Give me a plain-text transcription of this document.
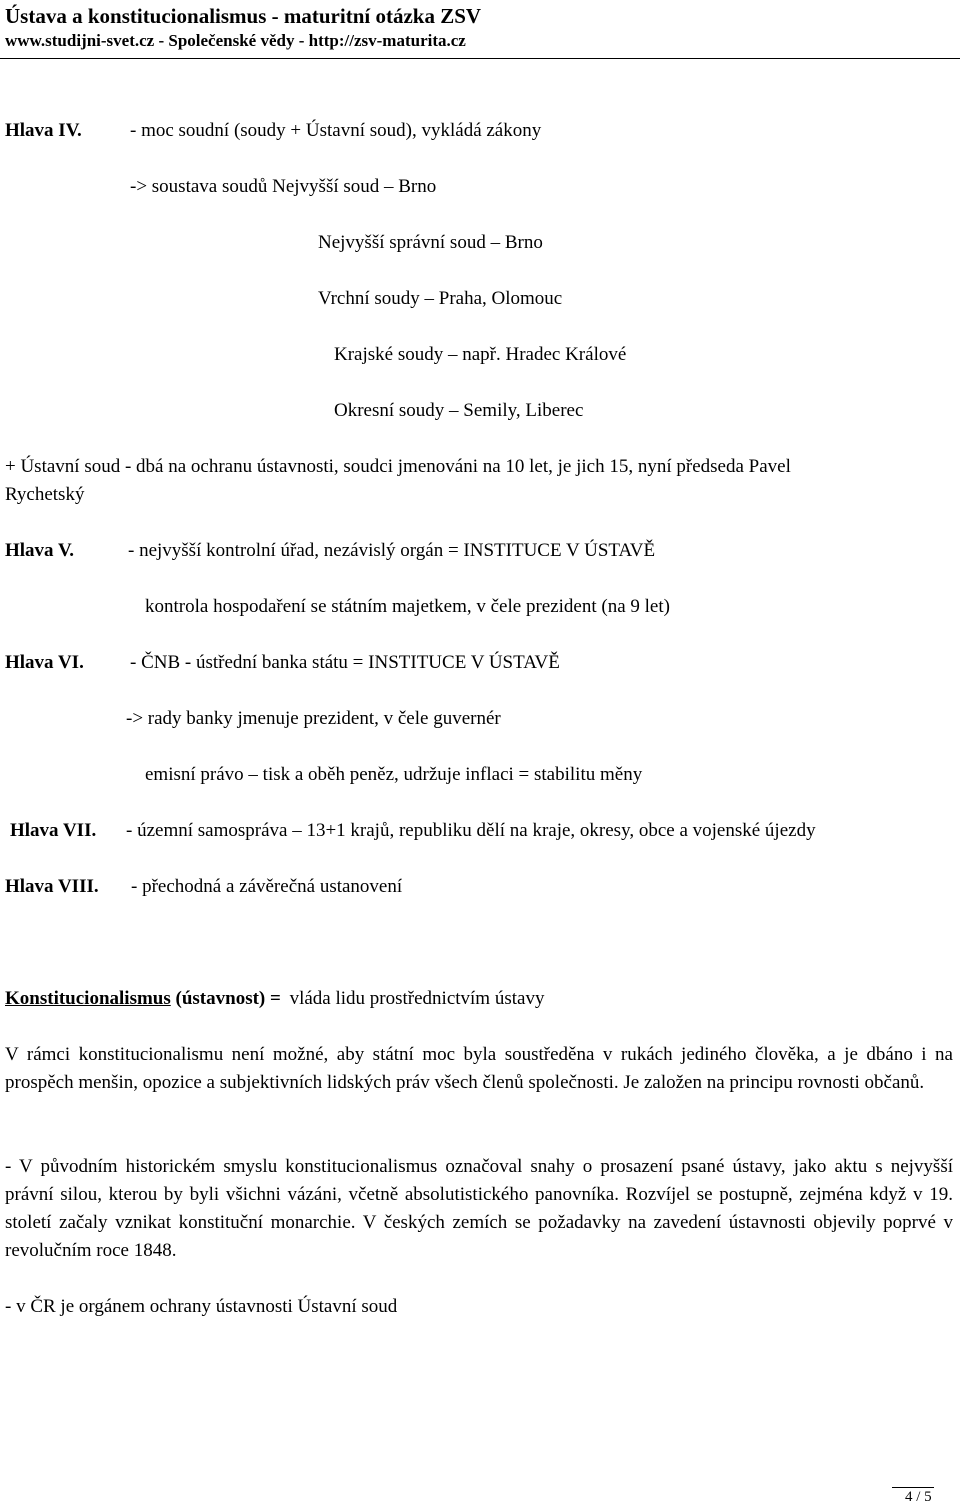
Ústava a konstitucionalismus - maturitní otázka ZSV
www.studijni-svet.cz - Společenské vědy - http://zsv-maturita.cz
Hlava IV.	- moc soudní (soudy + Ústavní soud), vykládá zákony
-> soustava soudů Nejvyšší soud – Brno
Nejvyšší správní soud – Brno
Vrchní soudy – Praha, Olomouc
Krajské soudy – např. Hradec Králové
Okresní soudy – Semily, Liberec
+ Ústavní soud - dbá na ochranu ústavnosti, soudci jmenováni na 10 let, je jich 15, nyní předseda Pavel
Rychetský
Hlava V.	- nejvyšší kontrolní úřad, nezávislý orgán = INSTITUCE V ÚSTAVĚ
kontrola hospodaření se státním majetkem, v čele prezident (na 9 let)
Hlava VI. - ČNB - ústřední banka státu = INSTITUCE V ÚSTAVĚ
-> rady banky jmenuje prezident, v čele guvernér
emisní právo – tisk a oběh peněz, udržuje inflaci = stabilitu měny
Hlava VII. - územní samospráva – 13+1 krajů, republiku dělí na kraje, okresy, obce a vojenské újezdy
Hlava VIII. - přechodná a závěrečná ustanovení
Konstitucionalismus (ústavnost) = vláda lidu prostřednictvím ústavy
V rámci konstitucionalismu není možné, aby státní moc byla soustředěna v rukách jediného člověka, a je dbáno i na prospěch menšin, opozice a subjektivních lidských práv všech členů společnosti. Je založen na principu rovnosti občanů.
- V původním historickém smyslu konstitucionalismus označoval snahy o prosazení psané ústavy, jako aktu s nejvyšší právní silou, kterou by byli všichni vázáni, včetně absolutistického panovníka. Rozvíjel se postupně, zejména když v 19. století začaly vznikat konstituční monarchie. V českých zemích se požadavky na zavedení ústavnosti objevily poprvé v revolučním roce 1848.
- v ČR je orgánem ochrany ústavnosti Ústavní soud
4 / 5
